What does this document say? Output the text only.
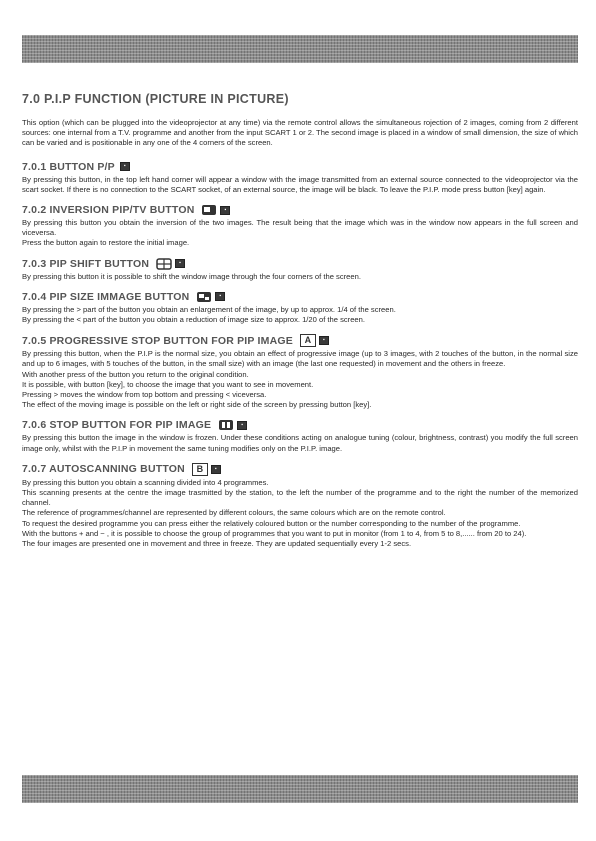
7.0 P.I.P FUNCTION (PICTURE IN PICTURE)

This option (which can be plugged into the videoprojector at any time) via the remote control allows the simultaneous rojection of 2 images, coming from 2 different sources: one internal from a T.V. programme and another from the input SCART 1 or 2. The second image is placed in a window of small dimension, the size of which can be varied and is positionable in any one of the 4 corners of the screen.

7.0.1 BUTTON P/P	▪

By pressing this button, in the top left hand corner will appear a window with the image transmitted from an external source connected to the videoprojector via the scart socket. If there is no connection to the SCART socket, of an external source, the image will be black. To leave the P.I.P. mode press button [key] again.

7.0.2 INVERSION PIP/TV BUTTON	▪

By pressing this button you obtain the inversion of the two images. The result being that the image which was in the window now appears in the full screen and viceversa.

Press the button again to restore the initial image.

7.0.3 PIP SHIFT BUTTON	▪

By pressing this button it is possible to shift the window image through the four corners of the screen.

7.0.4 PIP SIZE IMMAGE BUTTON	▪

By pressing the > part of the button you obtain an enlargement of the image, by up to approx. 1/4 of the screen.

By pressing the < part of the button you obtain a reduction of image size to approx. 1/20 of the screen.

7.0.5 PROGRESSIVE STOP BUTTON FOR PIP IMAGE	A	▪

By pressing this button, when the P.I.P is the normal size, you obtain an effect of progressive image (up to 3 images, with 2 touches of the button, in the normal size and up to 6 images, with 5 touches of the button, in the small size) with an image (the last one requested) in movement and the others in freeze.

With another press of the button you return to the original condition.

It is possible, with button [key], to choose the image that you want to see in movement.

Pressing > moves the window from top bottom and pressing < viceversa.

The effect of the moving image is possible on the left or right side of the screen by pressing button [key].

7.0.6 STOP BUTTON FOR PIP IMAGE	▪

By pressing this button the image in the window is frozen. Under these conditions acting on analogue tuning (colour, brightness, contrast) you modify the full screen image only, whilst with the P.I.P in movement the same tuning modifies only on the P.I.P. image.

7.0.7 AUTOSCANNING BUTTON	B	▪

By pressing this button you obtain a scanning divided into 4 programmes.

This scanning presents at the centre the image trasmitted by the station, to the left the number of the programme and to the right the number of the memorized channel.

The reference of programmes/channel are represented by different colours, the same colours which are on the remote control.

To request the desired programme you can press either the relatively coloured button or the number corresponding to the number of the programme.

With the buttons + and − , it is possible to choose the group of programmes that you want to put in monitor (from 1 to 4, from 5 to 8,...... from 20 to 24).

The four images are presented one in movement and three in freeze. They are updated sequentially every 1-2 secs.
